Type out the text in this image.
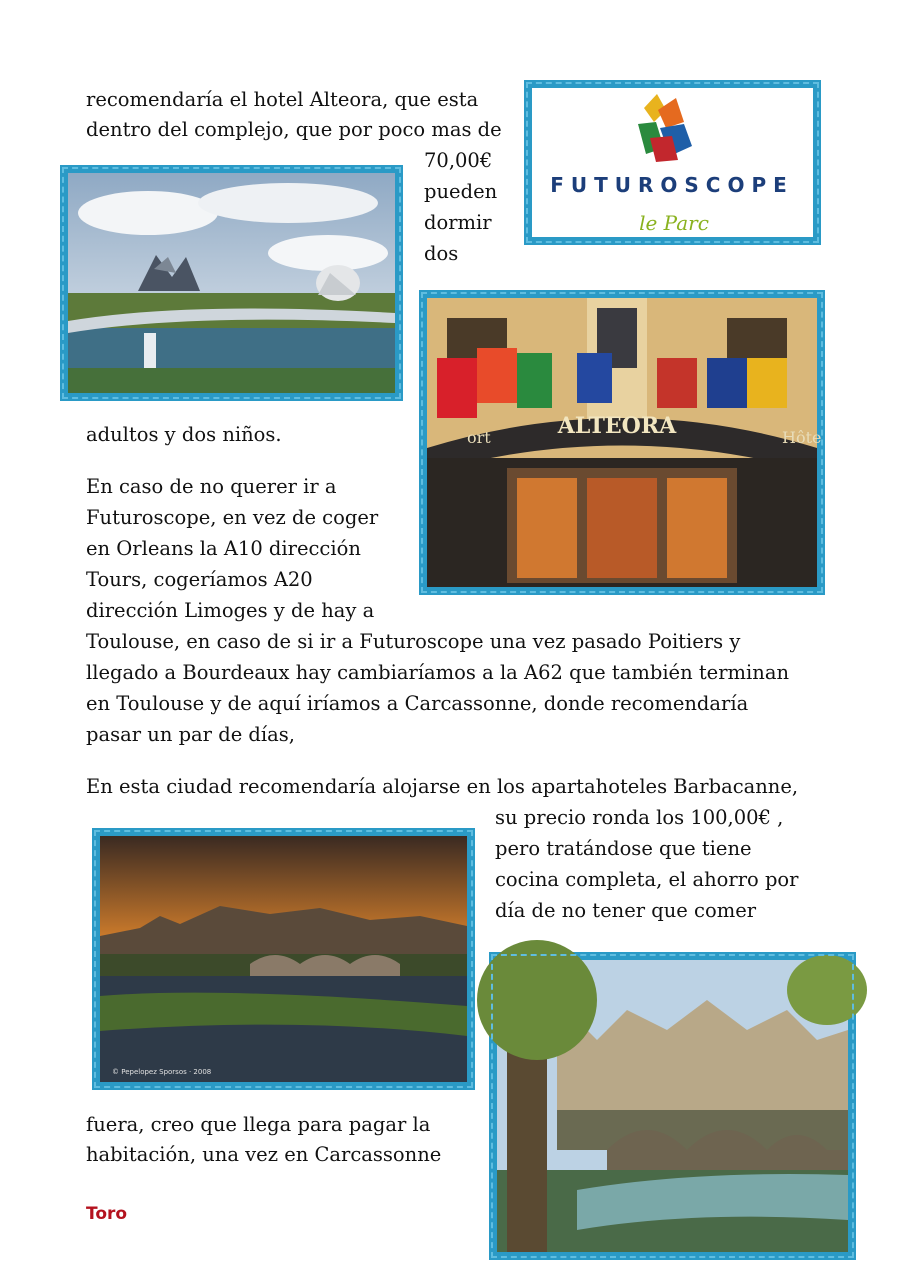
recomendaría el hotel Alteora, que esta
dentro del complejo, que por poco mas de
70,00€
pueden
dormir
dos
adultos y dos niños.
En caso de no querer ir a
Futuroscope, en vez de coger
en Orleans la A10 dirección
Tours, cogeríamos A20
dirección Limoges y de hay a
Toulouse, en caso de si ir a Futuroscope una vez pasado Poitiers y
llegado a Bourdeaux hay cambiaríamos a la A62 que también terminan
en Toulouse y de aquí iríamos a Carcassonne, donde recomendaría
pasar un par de días,
En esta ciudad recomendaría alojarse en los apartahoteles Barbacanne,
su precio ronda los 100,00€ ,
pero tratándose que tiene
cocina completa, el ahorro por
día de no tener que comer
fuera, creo que llega para pagar la
habitación, una vez en Carcassonne
Toro
FUTUROSCOPE
le Parc
ALTEORA
ort	Hôte
© Pepelopez Sporsos · 2008
